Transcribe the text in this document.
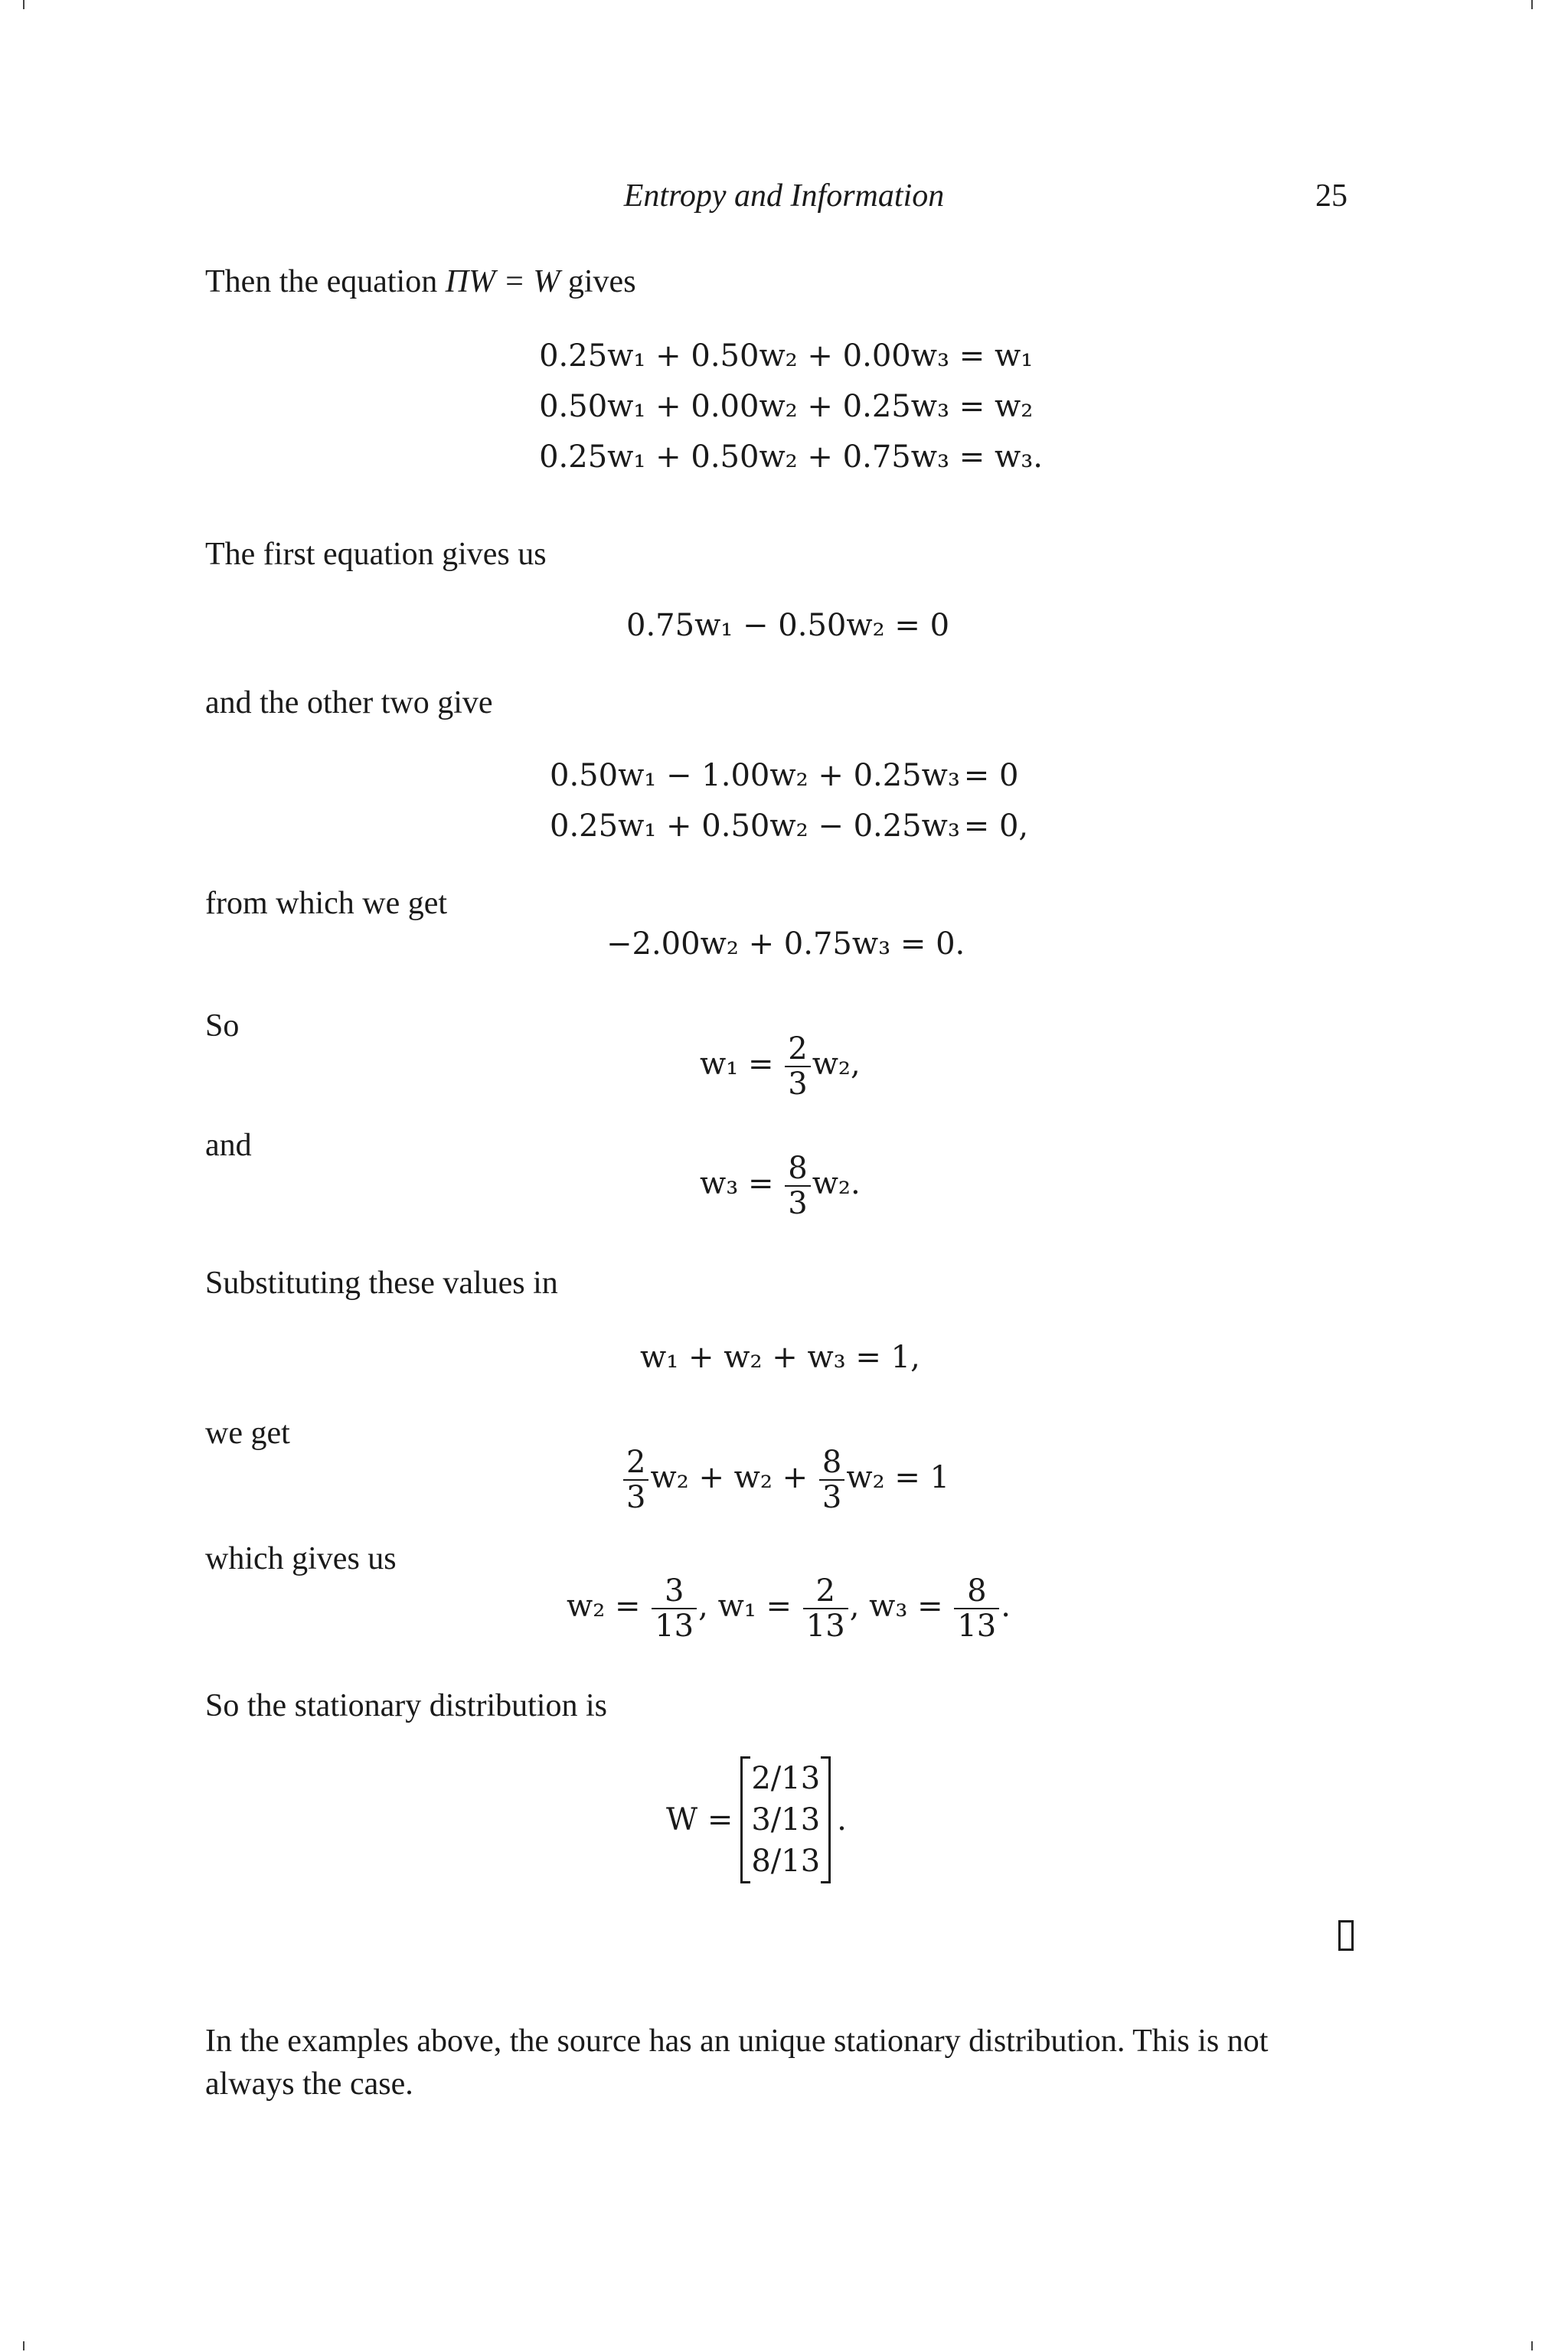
Entropy and Information	25
Then the equation ΠW = W gives
0.25w₁ + 0.50w₂ + 0.00w₃ = w₁
0.50w₁ + 0.00w₂ + 0.25w₃ = w₂
0.25w₁ + 0.50w₂ + 0.75w₃ = w₃.
The first equation gives us
0.75w₁ − 0.50w₂ = 0
and the other two give
0.50w₁ − 1.00w₂ + 0.25w₃ = 0
0.25w₁ + 0.50w₂ − 0.25w₃ = 0,
from which we get
−2.00w₂ + 0.75w₃ = 0.
So
$w_1 = \frac{2}{3} w_2$,
and
$w_3 = \frac{8}{3} w_2$.
Substituting these values in
w₁ + w₂ + w₃ = 1,
we get
$\frac{2}{3} w_2 + w_2 + \frac{8}{3} w_2 = 1$
which gives us
$w_2 = \frac{3}{13}$ , $w_1 = \frac{2}{13}$ , $w_3 = \frac{8}{13}$ .
So the stationary distribution is
W =
2/13
3/13
8/13
.
In the examples above, the source has an unique stationary distribution. This is not
always the case.
